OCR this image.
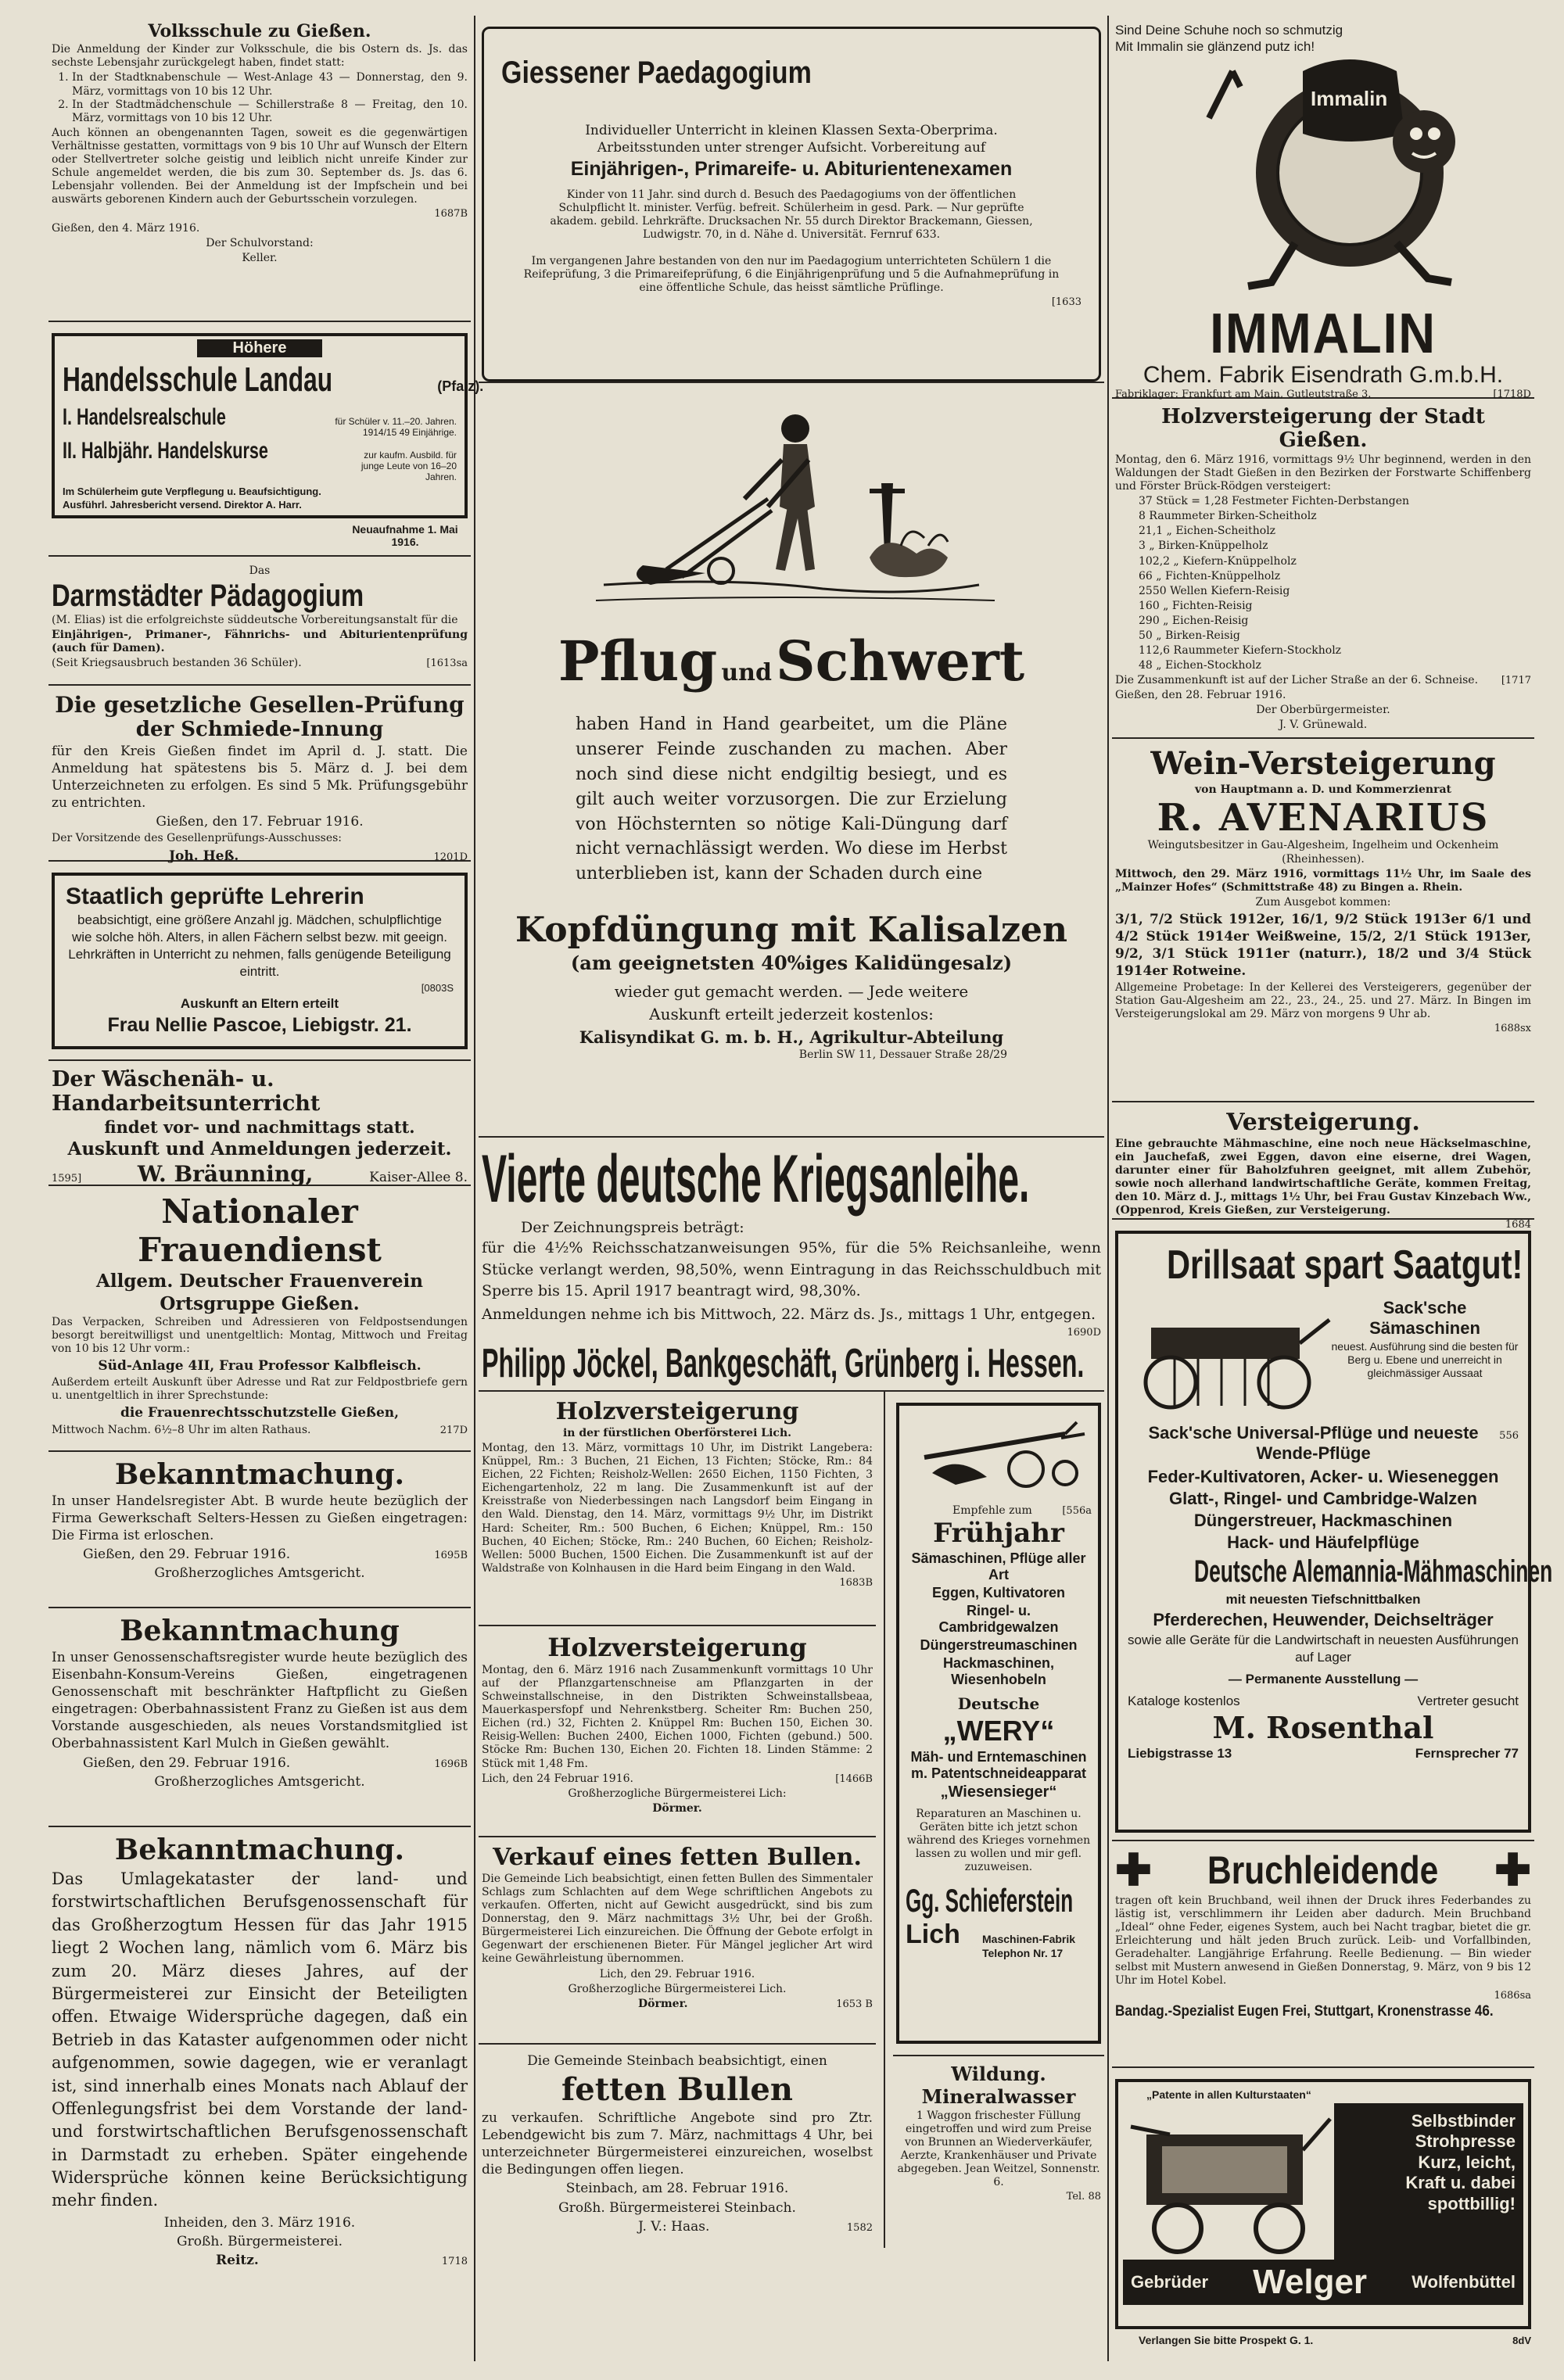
Volksschule zu Gießen.

Die Anmeldung der Kinder zur Volksschule, die bis Ostern ds. Js. das sechste Lebensjahr zurückgelegt haben, findet statt:

1. In der Stadtknabenschule — West-Anlage 43 — Donnerstag, den 9. März, vormittags von 10 bis 12 Uhr.
2. In der Stadtmädchenschule — Schillerstraße 8 — Freitag, den 10. März, vormittags von 10 bis 12 Uhr.

Auch können an obengenannten Tagen, soweit es die gegenwärtigen Verhältnisse gestatten, vormittags von 9 bis 10 Uhr auf Wunsch der Eltern oder Stellvertreter solche geistig und leiblich nicht unreife Kinder zur Schule angemeldet werden, die bis zum 30. September ds. Js. das 6. Lebensjahr vollenden. Bei der Anmeldung ist der Impfschein und bei auswärts geborenen Kindern auch der Geburtsschein vorzulegen.

1687B

Gießen, den 4. März 1916.

Der Schulvorstand:

Keller.

Höhere
Handelsschule Landau	(Pfalz).
I. Handelsrealschule	für Schüler v. 11.–20. Jahren.
1914/15 49 Einjährige.
II. Halbjähr. Handelskurse	zur kaufm. Ausbild. für junge Leute von 16–20 Jahren.

Im Schülerheim gute Verpflegung u. Beaufsichtigung.

Ausführl. Jahresbericht versend. Direktor A. Harr.

Neuaufnahme 1. Mai 1916.

Das

Darmstädter Pädagogium

(M. Elias) ist die erfolgreichste süddeutsche Vorbereitungsanstalt für die

Einjährigen-, Primaner-, Fähnrichs- und Abiturientenprüfung (auch für Damen).

(Seit Kriegsausbruch bestanden 36 Schüler).	[1613sa
Die gesetzliche Gesellen-Prüfung
der Schmiede-Innung

für den Kreis Gießen findet im April d. J. statt. Die Anmeldung hat spätestens bis 5. März d. J. bei dem Unterzeichneten zu erfolgen. Es sind 5 Mk. Prüfungsgebühr zu entrichten.

Gießen, den 17. Februar 1916.

Der Vorsitzende des Gesellenprüfungs-Ausschusses:

Joh. Heß.	1201D
Staatlich geprüfte Lehrerin

beabsichtigt, eine größere Anzahl jg. Mädchen, schulpflichtige wie solche höh. Alters, in allen Fächern selbst bezw. mit geeign. Lehrkräften in Unterricht zu nehmen, falls genügende Beteiligung eintritt.

[0803S

Auskunft an Eltern erteilt

Frau Nellie Pascoe, Liebigstr. 21.

Der Wäschenäh- u. Handarbeitsunterricht

findet vor- und nachmittags statt.

Auskunft und Anmeldungen jederzeit.

1595]	W. Bräunning,	Kaiser-Allee 8.
Nationaler Frauendienst

Allgem. Deutscher Frauenverein

Ortsgruppe Gießen.

Das Verpacken, Schreiben und Adressieren von Feldpostsendungen besorgt bereitwilligst und unentgeltlich: Montag, Mittwoch und Freitag von 10 bis 12 Uhr vorm.:

Süd-Anlage 4II, Frau Professor Kalbfleisch.

Außerdem erteilt Auskunft über Adresse und Rat zur Feldpostbriefe gern u. unentgeltlich in ihrer Sprechstunde:

die Frauenrechtsschutzstelle Gießen,

Mittwoch Nachm. 6½–8 Uhr im alten Rathaus.	217D
Bekanntmachung.

In unser Handelsregister Abt. B wurde heute bezüglich der Firma Gewerkschaft Selters-Hessen zu Gießen eingetragen: Die Firma ist erloschen.

Gießen, den 29. Februar 1916.	1695B

Großherzogliches Amtsgericht.

Bekanntmachung

In unser Genossenschaftsregister wurde heute bezüglich des Eisenbahn-Konsum-Vereins Gießen, eingetragenen Genossenschaft mit beschränkter Haftpflicht zu Gießen eingetragen: Oberbahnassistent Franz zu Gießen ist aus dem Vorstande ausgeschieden, als neues Vorstandsmitglied ist Oberbahnassistent Karl Mulch in Gießen gewählt.

Gießen, den 29. Februar 1916.	1696B

Großherzogliches Amtsgericht.

Bekanntmachung.

Das Umlagekataster der land- und forstwirtschaftlichen Berufsgenossenschaft für das Großherzogtum Hessen für das Jahr 1915 liegt 2 Wochen lang, nämlich vom 6. März bis zum 20. März dieses Jahres, auf der Bürgermeisterei zur Einsicht der Beteiligten offen. Etwaige Widersprüche dagegen, daß ein Betrieb in das Kataster aufgenommen oder nicht aufgenommen, sowie dagegen, wie er veranlagt ist, sind innerhalb eines Monats nach Ablauf der Offenlegungsfrist bei dem Vorstande der land- und forstwirtschaftlichen Berufsgenossenschaft in Darmstadt zu erheben. Später eingehende Widersprüche können keine Berücksichtigung mehr finden.

Inheiden, den 3. März 1916.

Großh. Bürgermeisterei.

Reitz.	1718
Giessener Paedagogium

Individueller Unterricht in kleinen Klassen Sexta-Oberprima. Arbeitsstunden unter strenger Aufsicht. Vorbereitung auf

Einjährigen-, Primareife- u. Abiturientenexamen

Kinder von 11 Jahr. sind durch d. Besuch des Paedagogiums von der öffentlichen Schulpflicht lt. minister. Verfüg. befreit. Schülerheim in gesd. Park. — Nur geprüfte akadem. gebild. Lehrkräfte. Drucksachen Nr. 55 durch Direktor Brackemann, Giessen, Ludwigstr. 70, in d. Nähe d. Universität. Fernruf 633.

Im vergangenen Jahre bestanden von den nur im Paedagogium unterrichteten Schülern 1 die Reifeprüfung, 3 die Primareifeprüfung, 6 die Einjährigenprüfung und 5 die Aufnahmeprüfung in eine öffentliche Schule, das heisst sämtliche Prüflinge.

[1633

Pflug und Schwert

haben Hand in Hand gearbeitet, um die Pläne unserer Feinde zuschanden zu machen. Aber noch sind diese nicht endgiltig besiegt, und es gilt auch weiter vorzusorgen. Die zur Erzielung von Höchsternten so nötige Kali-Düngung darf nicht vernachlässigt werden. Wo diese im Herbst unterblieben ist, kann der Schaden durch eine

Kopfdüngung mit Kalisalzen

(am geeignetsten 40%iges Kalidüngesalz)

wieder gut gemacht werden. — Jede weitere Auskunft erteilt jederzeit kostenlos:

Kalisyndikat G. m. b. H., Agrikultur-Abteilung

Berlin SW 11, Dessauer Straße 28/29

Vierte deutsche Kriegsanleihe.

Der Zeichnungspreis beträgt:

für die 4½% Reichsschatzanweisungen 95%, für die 5% Reichsanleihe, wenn Stücke verlangt werden, 98,50%, wenn Eintragung in das Reichsschuldbuch mit Sperre bis 15. April 1917 beantragt wird, 98,30%.

Anmeldungen nehme ich bis Mittwoch, 22. März ds. Js., mittags 1 Uhr, entgegen.

1690D

Philipp Jöckel, Bankgeschäft, Grünberg i. Hessen.
Holzversteigerung

in der fürstlichen Oberförsterei Lich.

Montag, den 13. März, vormittags 10 Uhr, im Distrikt Langebera: Knüppel, Rm.: 3 Buchen, 21 Eichen, 13 Fichten; Stöcke, Rm.: 84 Eichen, 22 Fichten; Reisholz-Wellen: 2650 Eichen, 1150 Fichten, 3 Eichengartenholz, 22 m lang. Die Zusammenkunft ist auf der Kreisstraße von Niederbessingen nach Langsdorf beim Eingang in den Wald. Dienstag, den 14. März, vormittags 9½ Uhr, im Distrikt Hard: Scheiter, Rm.: 500 Buchen, 6 Eichen; Knüppel, Rm.: 150 Buchen, 40 Eichen; Stöcke, Rm.: 240 Buchen, 60 Eichen; Reisholz-Wellen: 5000 Buchen, 1500 Eichen. Die Zusammenkunft ist auf der Waldstraße von Kolnhausen in die Hard beim Eingang in den Wald.

1683B

Holzversteigerung

Montag, den 6. März 1916 nach Zusammenkunft vormittags 10 Uhr auf der Pflanzgartenschneise am Pflanzgarten in der Schweinstallschneise, in den Distrikten Schweinstallsbeaa, Mauerkaspersfopf und Nehrenkstberg. Scheiter Rm: Buchen 250, Eichen (rd.) 32, Fichten 2. Knüppel Rm: Buchen 150, Eichen 30. Reisig-Wellen: Buchen 2400, Eichen 1000, Fichten (gebund.) 500. Stöcke Rm: Buchen 130, Eichen 20. Fichten 18. Linden Stämme: 2 Stück mit 1,48 Fm.

Lich, den 24 Februar 1916.	[1466B

Großherzogliche Bürgermeisterei Lich:

Dörmer.

Verkauf eines fetten Bullen.

Die Gemeinde Lich beabsichtigt, einen fetten Bullen des Simmentaler Schlags zum Schlachten auf dem Wege schriftlichen Angebots zu verkaufen. Offerten, nicht auf Gewicht ausgedrückt, sind bis zum Donnerstag, den 9. März nachmittags 3½ Uhr, bei der Großh. Bürgermeisterei Lich einzureichen. Die Öffnung der Gebote erfolgt in Gegenwart der erschienenen Bieter. Für Mängel jeglicher Art wird keine Gewährleistung übernommen.

Lich, den 29. Februar 1916.

Großherzogliche Bürgermeisterei Lich.

Dörmer.	1653 B

Die Gemeinde Steinbach beabsichtigt, einen

fetten Bullen

zu verkaufen. Schriftliche Angebote sind pro Ztr. Lebendgewicht bis zum 7. März, nachmittags 4 Uhr, bei unterzeichneter Bürgermeisterei einzureichen, woselbst die Bedingungen offen liegen.

Steinbach, am 28. Februar 1916.

Großh. Bürgermeisterei Steinbach.

J. V.: Haas.	1582
Empfehle zum	[556a
Frühjahr

Sämaschinen, Pflüge aller Art

Eggen, Kultivatoren

Ringel- u. Cambridgewalzen

Düngerstreumaschinen

Hackmaschinen, Wiesenhobeln

Deutsche

„WERY“

Mäh- und Erntemaschinen m. Patentschneideapparat

„Wiesensieger“

Reparaturen an Maschinen u. Geräten bitte ich jetzt schon während des Krieges vornehmen lassen zu wollen und mir gefl. zuzuweisen.

Gg. Schieferstein
Lich Maschinen-Fabrik Telephon Nr. 17
Wildung. Mineralwasser

1 Waggon frischester Füllung eingetroffen und wird zum Preise von Brunnen an Wiederverkäufer, Aerzte, Krankenhäuser und Private abgegeben. Jean Weitzel, Sonnenstr. 6.

Tel. 88

Sind Deine Schuhe noch so schmutzig

Mit Immalin sie glänzend putz ich!

Immalin
IMMALIN
Chem. Fabrik Eisendrath G.m.b.H.
Fabriklager: Frankfurt am Main, Gutleutstraße 3.	[1718D
Holzversteigerung der Stadt Gießen.

Montag, den 6. März 1916, vormittags 9½ Uhr beginnend, werden in den Waldungen der Stadt Gießen in den Bezirken der Forstwarte Schiffenberg und Förster Brück-Rödgen versteigert:

37 Stück = 1,28 Festmeter Fichten-Derbstangen

8 Raummeter Birken-Scheitholz

21,1 „ Eichen-Scheitholz

3 „ Birken-Knüppelholz

102,2 „ Kiefern-Knüppelholz

66 „ Fichten-Knüppelholz

2550 Wellen Kiefern-Reisig

160 „ Fichten-Reisig

290 „ Eichen-Reisig

50 „ Birken-Reisig

112,6 Raummeter Kiefern-Stockholz

48 „ Eichen-Stockholz

Die Zusammenkunft ist auf der Licher Straße an der 6. Schneise. [1717

Gießen, den 28. Februar 1916.

Der Oberbürgermeister.

J. V. Grünewald.

Wein-Versteigerung

von Hauptmann a. D. und Kommerzienrat

R. AVENARIUS

Weingutsbesitzer in Gau-Algesheim, Ingelheim und Ockenheim (Rheinhessen).

Mittwoch, den 29. März 1916, vormittags 11½ Uhr, im Saale des „Mainzer Hofes“ (Schmittstraße 48) zu Bingen a. Rhein.

Zum Ausgebot kommen:

3/1, 7/2 Stück 1912er, 16/1, 9/2 Stück 1913er 6/1 und 4/2 Stück 1914er Weißweine, 15/2, 2/1 Stück 1913er, 9/2, 3/1 Stück 1911er (naturr.), 18/2 und 3/4 Stück 1914er Rotweine.

Allgemeine Probetage: In der Kellerei des Versteigerers, gegenüber der Station Gau-Algesheim am 22., 23., 24., 25. und 27. März. In Bingen im Versteigerungslokal am 29. März von morgens 9 Uhr ab.

1688sx

Versteigerung.

Eine gebrauchte Mähmaschine, eine noch neue Häckselmaschine, ein Jauchefaß, zwei Eggen, davon eine eiserne, drei Wagen, darunter einer für Baholzfuhren geeignet, mit allem Zubehör, sowie noch allerhand landwirtschaftliche Geräte, kommen Freitag, den 10. März d. J., mittags 1½ Uhr, bei Frau Gustav Kinzebach Ww., (Oppenrod, Kreis Gießen, zur Versteigerung.

1684

Drillsaat spart Saatgut!

Sack'sche Sämaschinen

neuest. Ausführung sind die besten für Berg u. Ebene und unerreicht in gleichmässiger Aussaat

Sack'sche Universal-Pflüge und neueste Wende-Pflüge

556

Feder-Kultivatoren, Acker- u. Wieseneggen

Glatt-, Ringel- und Cambridge-Walzen

Düngerstreuer, Hackmaschinen

Hack- und Häufelpflüge

Deutsche Alemannia-Mähmaschinen

mit neuesten Tiefschnittbalken

Pferderechen, Heuwender, Deichselträger

sowie alle Geräte für die Landwirtschaft in neuesten Ausführungen auf Lager

— Permanente Ausstellung —

Kataloge kostenlos	Vertreter gesucht
M. Rosenthal
Liebigstrasse 13	Fernsprecher 77
✚ Bruchleidende ✚

tragen oft kein Bruchband, weil ihnen der Druck ihres Federbandes zu lästig ist, verschlimmern ihr Leiden aber dadurch. Mein Bruchband „Ideal“ ohne Feder, eigenes System, auch bei Nacht tragbar, bietet die gr. Erleichterung und hält jeden Bruch zurück. Leib- und Vorfallbinden, Geradehalter. Langjährige Erfahrung. Reelle Bedienung. — Bin wieder selbst mit Mustern anwesend in Gießen Donnerstag, 9. März, von 9 bis 12 Uhr im Hotel Kobel.

1686sa

Bandag.-Spezialist Eugen Frei, Stuttgart, Kronenstrasse 46.

„Patente in allen Kulturstaaten“

Selbstbinder
Strohpresse
Kurz, leicht,
Kraft u. dabei
spottbillig!
Gebrüder Welger	Wolfenbüttel
Verlangen Sie bitte Prospekt G. 1.	8dV
